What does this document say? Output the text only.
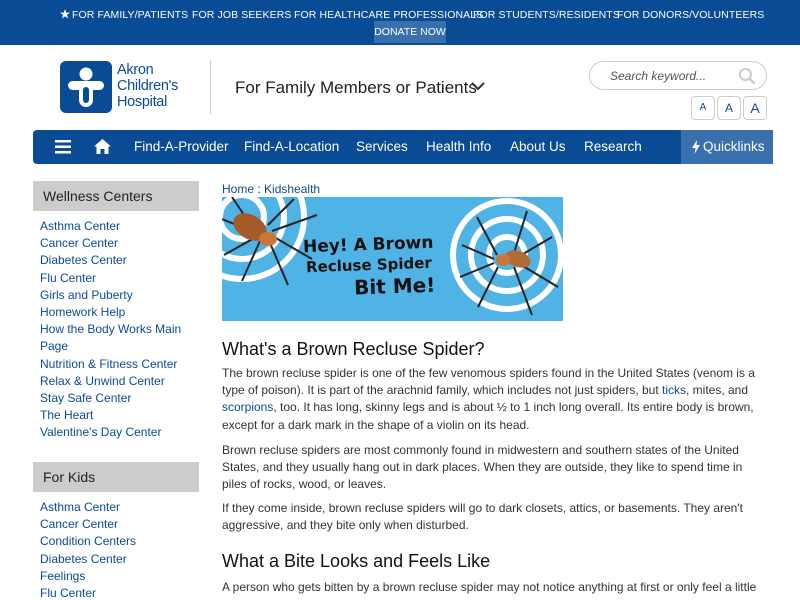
FOR FAMILY/PATIENTS FOR JOB SEEKERS FOR HEALTHCARE PROFESSIONALS
FOR STUDENTS/RESIDENTS
FOR DONORS/VOLUNTEERS
DONATE NOW
Akron
Children's
Hospital
For Family Members or Patients
Search keyword...
A	A	A
Find-A-Provider Find-A-Location Services Health Info About Us Research	Quicklinks
Wellness Centers
Asthma Center
Cancer Center
Diabetes Center
Flu Center
Girls and Puberty
Homework Help
How the Body Works Main Page
Nutrition & Fitness Center
Relax & Unwind Center
Stay Safe Center
The Heart
Valentine's Day Center
For Kids
Asthma Center
Cancer Center
Condition Centers
Diabetes Center
Feelings
Flu Center
Home : Kidshealth
Hey! A Brown
Recluse Spider
Bit Me!
What's a Brown Recluse Spider?
The brown recluse spider is one of the few venomous spiders found in the United States (venom is a type of poison). It is part of the arachnid family, which includes not just spiders, but ticks, mites, and scorpions, too. It has long, skinny legs and is about ½ to 1 inch long overall. Its entire body is brown, except for a dark mark in the shape of a violin on its head.
Brown recluse spiders are most commonly found in midwestern and southern states of the United States, and they usually hang out in dark places. When they are outside, they like to spend time in piles of rocks, wood, or leaves.
If they come inside, brown recluse spiders will go to dark closets, attics, or basements. They aren't aggressive, and they bite only when disturbed.
What a Bite Looks and Feels Like
A person who gets bitten by a brown recluse spider may not notice anything at first or only feel a little
